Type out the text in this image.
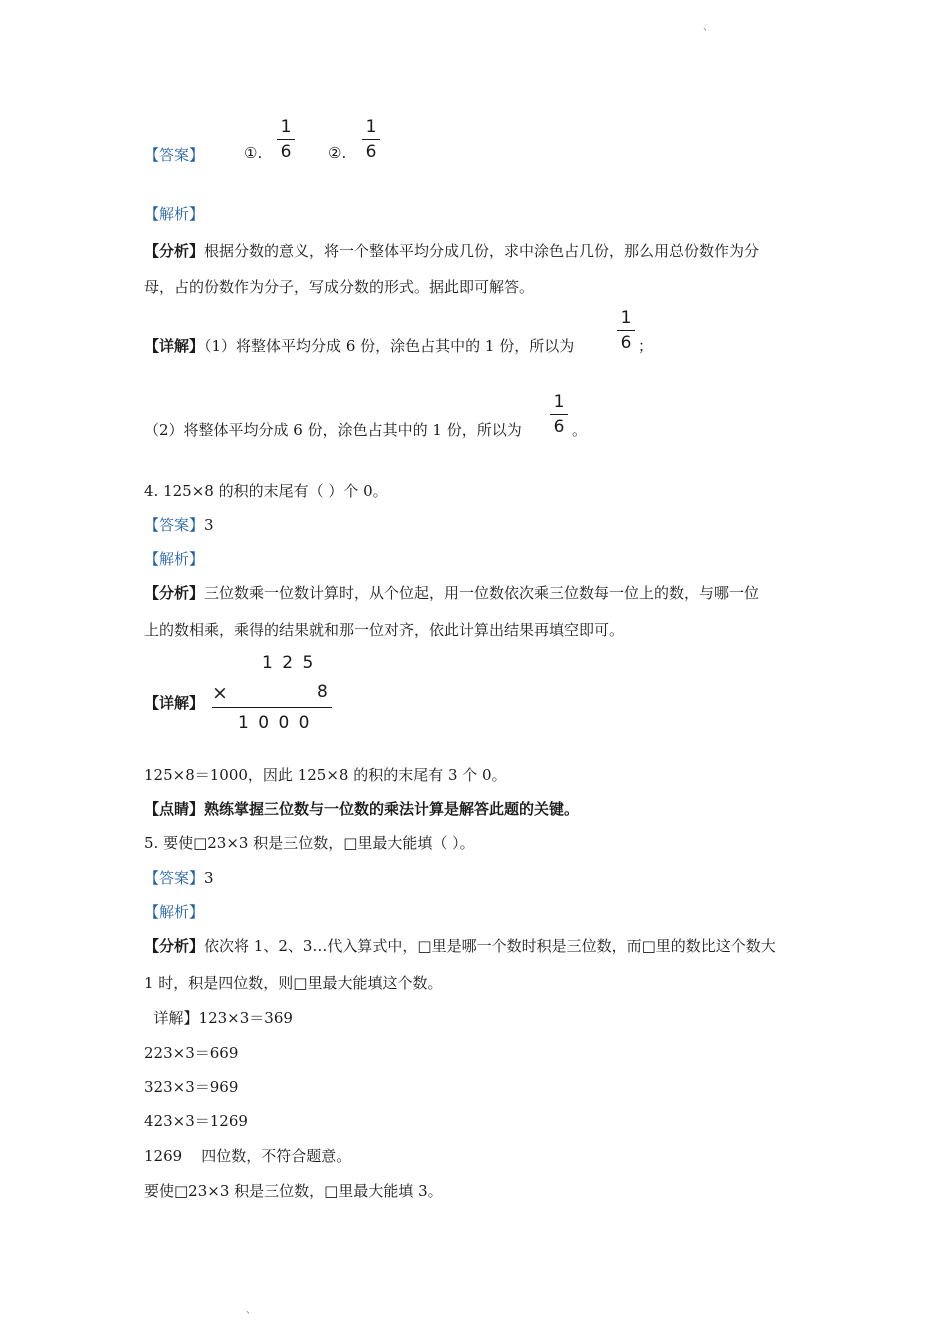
、
【答案】	①. $\frac{1}{6}$ ②. $\frac{1}{6}$
【解析】
【分析】根据分数的意义，将一个整体平均分成几份，求中涂色占几份，那么用总份数作为分
母，占的份数作为分子，写成分数的形式。据此即可解答。
【详解】（1）将整体平均分成 6 份，涂色占其中的 1 份，所以为	$\frac{1}{6}$ ；
（2）将整体平均分成 6 份，涂色占其中的 1 份，所以为 $\frac{1}{6}$ 。
4. 125×8 的积的末尾有（ ）个 0。
【答案】3
【解析】
【分析】三位数乘一位数计算时，从个位起，用一位数依次乘三位数每一位上的数，与哪一位
上的数相乘，乘得的结果就和那一位对齐，依此计算出结果再填空即可。
【详解】
1 2 5
×	8
1 0 0 0
125×8＝1000，因此 125×8 的积的末尾有 3 个 0。
【点睛】熟练掌握三位数与一位数的乘法计算是解答此题的关键。
5. 要使□23×3 积是三位数，□里最大能填（ ）。
【答案】3
【解析】
【分析】依次将 1、2、3…代入算式中，□里是哪一个数时积是三位数，而□里的数比这个数大
1 时，积是四位数，则□里最大能填这个数。
详解】123×3＝369
223×3＝669
323×3＝969
423×3＝1269
1269    四位数，不符合题意。
要使□23×3 积是三位数，□里最大能填 3。
、
